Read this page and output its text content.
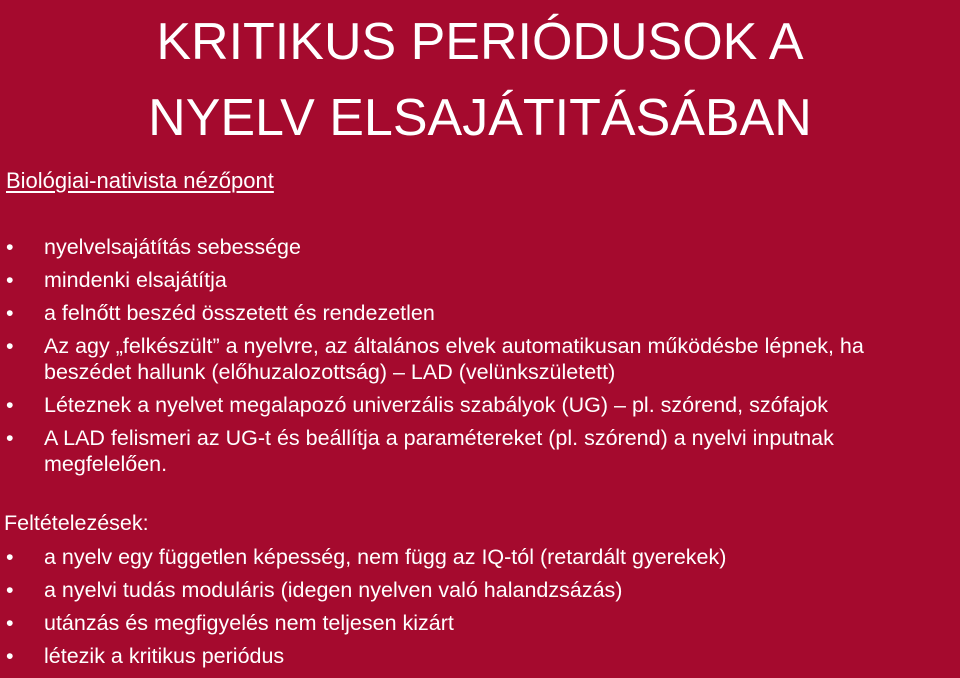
KRITIKUS PERIÓDUSOK A
NYELV ELSAJÁTITÁSÁBAN

Biológiai-nativista nézőpont

• nyelvelsajátítás sebessége
• mindenki elsajátítja
• a felnőtt beszéd összetett és rendezetlen
• Az agy „felkészült” a nyelvre, az általános elvek automatikusan működésbe lépnek, ha beszédet hallunk (előhuzalozottság) – LAD (velünkszületett)
• Léteznek a nyelvet megalapozó univerzális szabályok (UG) – pl. szórend, szófajok
• A LAD felismeri az UG-t és beállítja a paramétereket (pl. szórend) a nyelvi inputnak megfelelően.

Feltételezések:

• a nyelv egy független képesség, nem függ az IQ-tól (retardált gyerekek)
• a nyelvi tudás moduláris (idegen nyelven való halandzsázás)
• utánzás és megfigyelés nem teljesen kizárt
• létezik a kritikus periódus
